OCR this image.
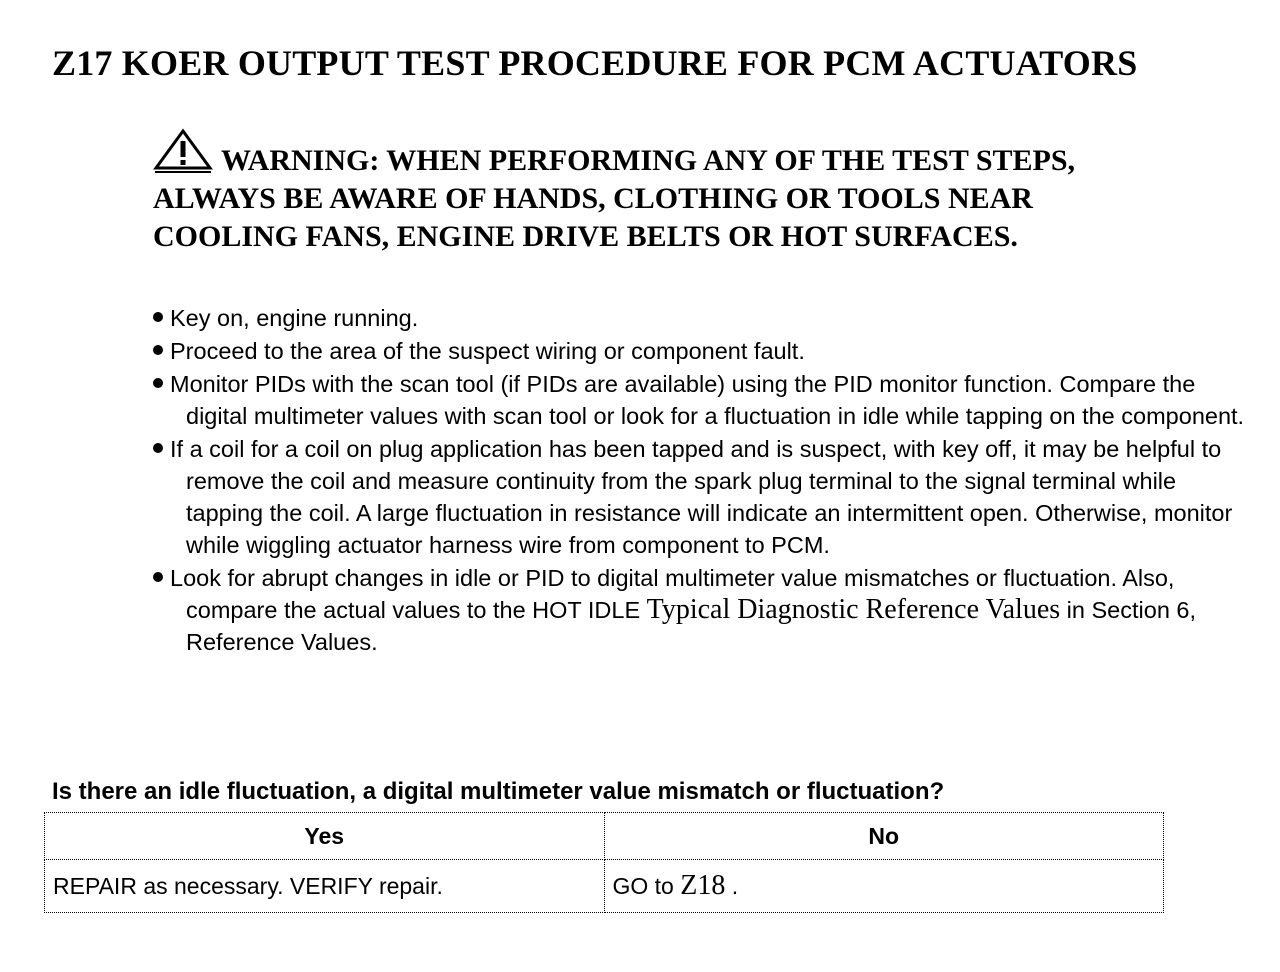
Z17 KOER OUTPUT TEST PROCEDURE FOR PCM ACTUATORS
WARNING: WHEN PERFORMING ANY OF THE TEST STEPS,
ALWAYS BE AWARE OF HANDS, CLOTHING OR TOOLS NEAR
COOLING FANS, ENGINE DRIVE BELTS OR HOT SURFACES.
Key on, engine running.
Proceed to the area of the suspect wiring or component fault.
Monitor PIDs with the scan tool (if PIDs are available) using the PID monitor function. Compare the digital multimeter values with scan tool or look for a fluctuation in idle while tapping on the component.
If a coil for a coil on plug application has been tapped and is suspect, with key off, it may be helpful to remove the coil and measure continuity from the spark plug terminal to the signal terminal while tapping the coil. A large fluctuation in resistance will indicate an intermittent open. Otherwise, monitor while wiggling actuator harness wire from component to PCM.
Look for abrupt changes in idle or PID to digital multimeter value mismatches or fluctuation. Also, compare the actual values to the HOT IDLE Typical Diagnostic Reference Values in Section 6, Reference Values.
Is there an idle fluctuation, a digital multimeter value mismatch or fluctuation?
Yes	No
REPAIR as necessary. VERIFY repair.	GO to Z18 .
